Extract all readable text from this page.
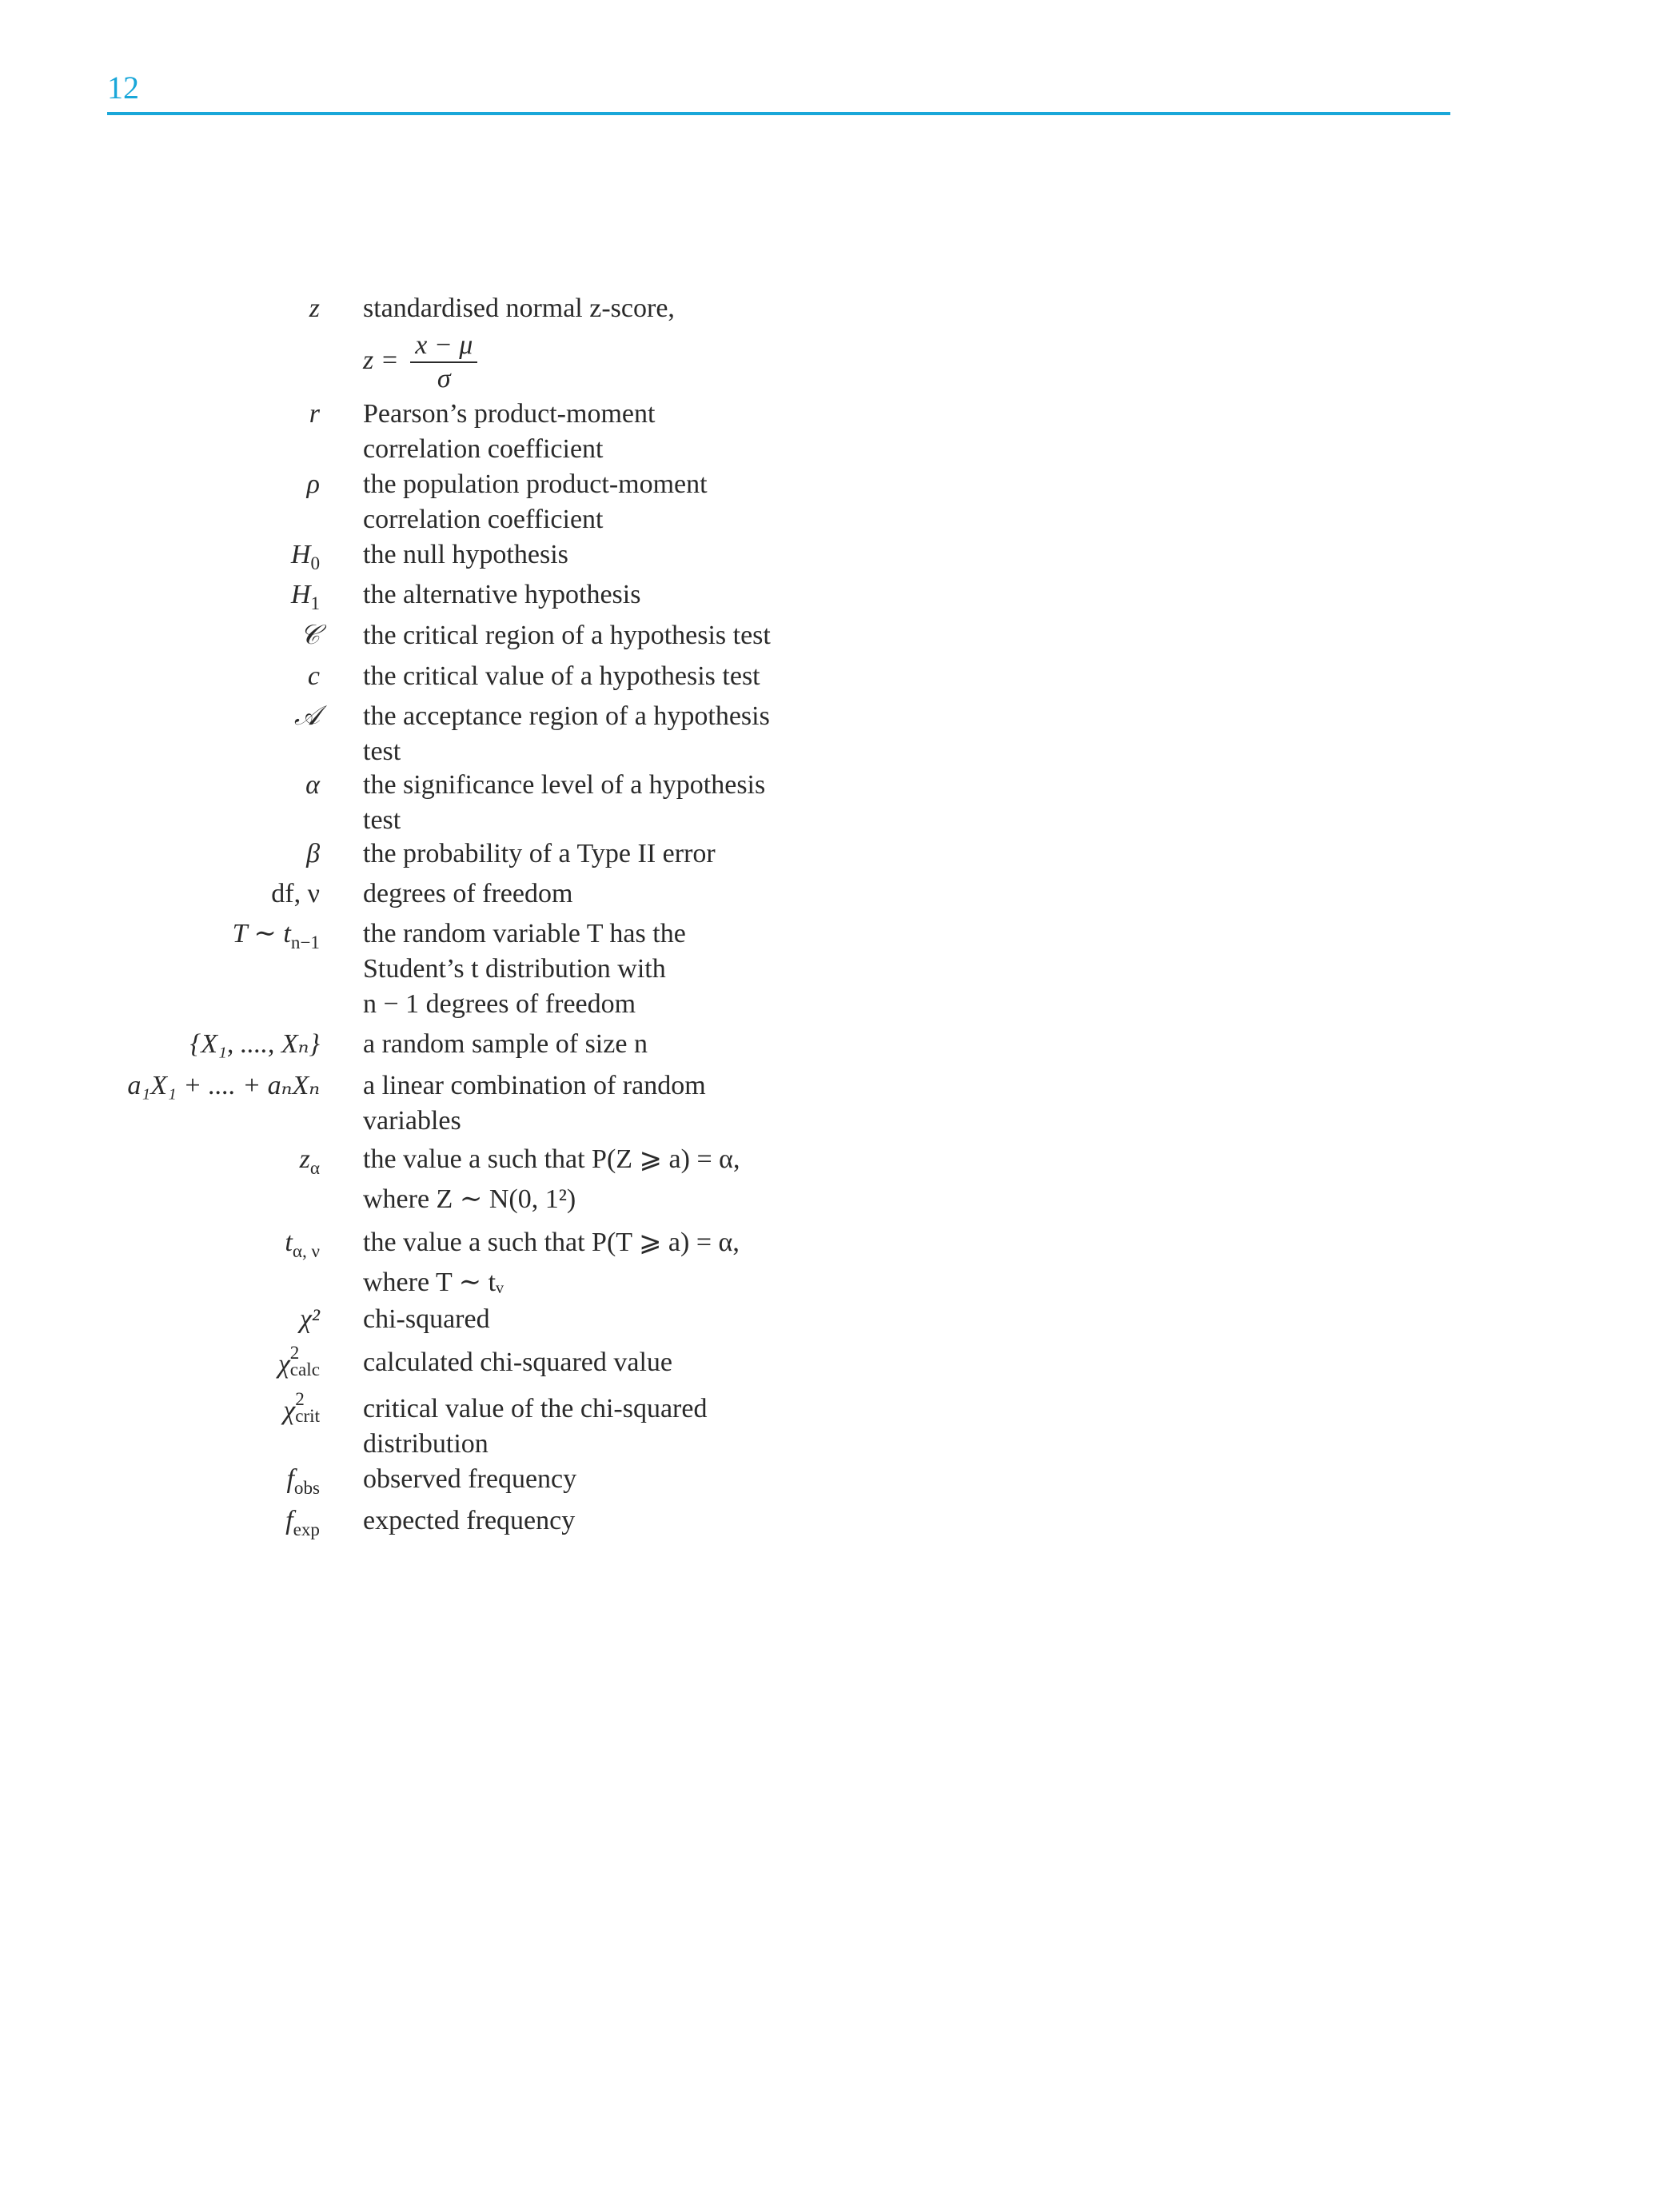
12
z standardised normal z-score,
$z = \frac{x - \mu}{\sigma}$
r Pearson’s product-moment
correlation coefficient
ρ the population product-moment
correlation coefficient
$H_0$ the null hypothesis
$H_1$ the alternative hypothesis
𝒞 the critical region of a hypothesis test
c the critical value of a hypothesis test
𝒜 the acceptance region of a hypothesis
test
α the significance level of a hypothesis
test
β the probability of a Type II error
df, ν degrees of freedom
T ∼ $t_{n-1}$ the random variable T has the
Student’s t distribution with
n − 1 degrees of freedom
{X₁, ...., Xₙ} a random sample of size n
a₁X₁ + .... + aₙXₙ a linear combination of random
variables
$z_\alpha$ the value a such that P(Z ⩾ a) = α,
where Z ∼ N(0, 1²)
$t_{\alpha, \nu}$ the value a such that P(T ⩾ a) = α,
where T ∼ tᵥ
χ² chi-squared
χ 2
calc calculated chi-squared value
χ 2
crit critical value of the chi-squared
distribution
$f_{obs}$ observed frequency
$f_{exp}$ expected frequency
